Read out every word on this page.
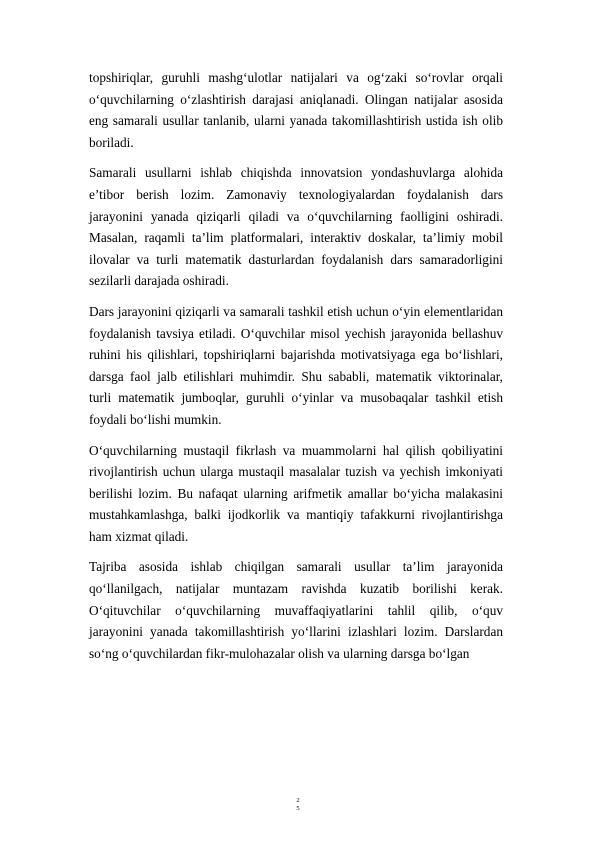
topshiriqlar, guruhli mashg‘ulotlar natijalari va og‘zaki so‘rovlar orqali o‘quvchilarning o‘zlashtirish darajasi aniqlanadi. Olingan natijalar asosida eng samarali usullar tanlanib, ularni yanada takomillashtirish ustida ish olib boriladi.

Samarali usullarni ishlab chiqishda innovatsion yondashuvlarga alohida e’tibor berish lozim. Zamonaviy texnologiyalardan foydalanish dars jarayonini yanada qiziqarli qiladi va o‘quvchilarning faolligini oshiradi. Masalan, raqamli ta’lim platformalari, interaktiv doskalar, ta’limiy mobil ilovalar va turli matematik dasturlardan foydalanish dars samaradorligini sezilarli darajada oshiradi.

Dars jarayonini qiziqarli va samarali tashkil etish uchun o‘yin elementlaridan foydalanish tavsiya etiladi. O‘quvchilar misol yechish jarayonida bellashuv ruhini his qilishlari, topshiriqlarni bajarishda motivatsiyaga ega bo‘lishlari, darsga faol jalb etilishlari muhimdir. Shu sababli, matematik viktorinalar, turli matematik jumboqlar, guruhli o‘yinlar va musobaqalar tashkil etish foydali bo‘lishi mumkin.

O‘quvchilarning mustaqil fikrlash va muammolarni hal qilish qobiliyatini rivojlantirish uchun ularga mustaqil masalalar tuzish va yechish imkoniyati berilishi lozim. Bu nafaqat ularning arifmetik amallar bo‘yicha malakasini mustahkamlashga, balki ijodkorlik va mantiqiy tafakkurni rivojlantirishga ham xizmat qiladi.

Tajriba asosida ishlab chiqilgan samarali usullar ta’lim jarayonida qo‘llanilgach, natijalar muntazam ravishda kuzatib borilishi kerak. O‘qituvchilar o‘quvchilarning muvaffaqiyatlarini tahlil qilib, o‘quv jarayonini yanada takomillashtirish yo‘llarini izlashlari lozim. Darslardan so‘ng o‘quvchilardan fikr-mulohazalar olish va ularning darsga bo‘lgan

2
5
